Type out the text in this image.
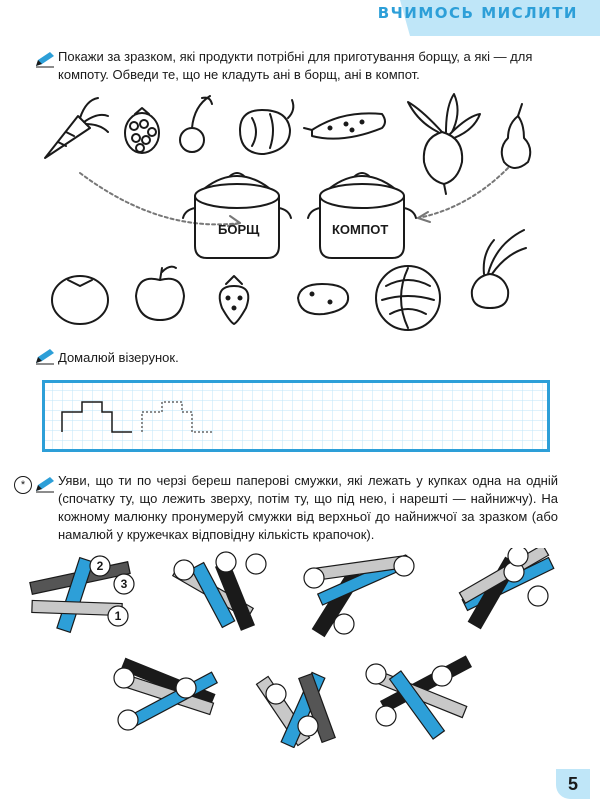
ВЧИМОСЬ МИСЛИТИ
Покажи за зразком, які продукти потрібні для приготування борщу, а які — для компоту. Обведи те, що не кладуть ані в борщ, ані в компот.
БОРЩ	КОМПОТ
Домалюй візерунок.
*	Уяви, що ти по черзі береш паперові смужки, які лежать у купках одна на одній (спочатку ту, що лежить зверху, потім ту, що під нею, і нарешті — найнижчу). На кожному малюнку пронумеруй смужки від верхньої до найнижчої за зразком (або намалюй у кружечках відповідну кількість крапочок).
2
3
1
5
